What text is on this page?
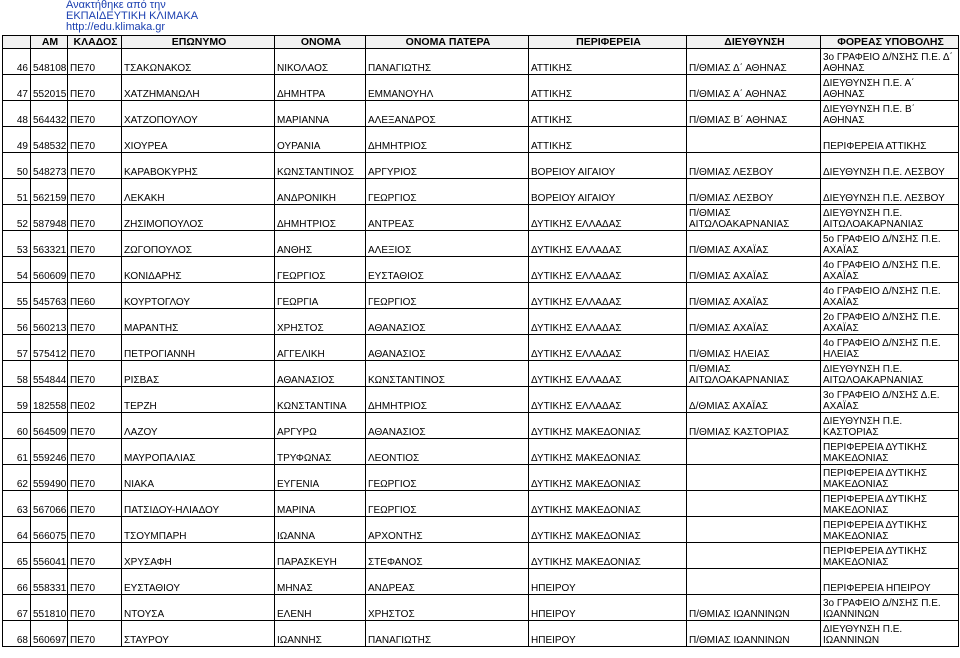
Ανακτήθηκε από την
ΕΚΠΑΙΔΕΥΤΙΚΗ ΚΛΙΜΑΚΑ
http://edu.klimaka.gr
	ΑΜ	ΚΛΑΔΟΣ	ΕΠΩΝΥΜΟ	ΟΝΟΜΑ	ΟΝΟΜΑ ΠΑΤΕΡΑ	ΠΕΡΙΦΕΡΕΙΑ	ΔΙΕΥΘΥΝΣΗ	ΦΟΡΕΑΣ ΥΠΟΒΟΛΗΣ
46	548108	ΠΕ70	ΤΣΑΚΩΝΑΚΟΣ	ΝΙΚΟΛΑΟΣ	ΠΑΝΑΓΙΩΤΗΣ	ΑΤΤΙΚΗΣ	Π/ΘΜΙΑΣ Δ΄ ΑΘΗΝΑΣ	3ο ΓΡΑΦΕΙΟ Δ/ΝΣΗΣ Π.Ε. Δ΄ ΑΘΗΝΑΣ
47	552015	ΠΕ70	ΧΑΤΖΗΜΑΝΩΛΗ	ΔΗΜΗΤΡΑ	ΕΜΜΑΝΟΥΗΛ	ΑΤΤΙΚΗΣ	Π/ΘΜΙΑΣ Α΄ ΑΘΗΝΑΣ	ΔΙΕΥΘΥΝΣΗ Π.Ε. Α΄ ΑΘΗΝΑΣ
48	564432	ΠΕ70	ΧΑΤΖΟΠΟΥΛΟΥ	ΜΑΡΙΑΝΝΑ	ΑΛΕΞΑΝΔΡΟΣ	ΑΤΤΙΚΗΣ	Π/ΘΜΙΑΣ Β΄ ΑΘΗΝΑΣ	ΔΙΕΥΘΥΝΣΗ Π.Ε. Β΄ ΑΘΗΝΑΣ
49	548532	ΠΕ70	ΧΙΟΥΡΕΑ	ΟΥΡΑΝΙΑ	ΔΗΜΗΤΡΙΟΣ	ΑΤΤΙΚΗΣ		ΠΕΡΙΦΕΡΕΙΑ ΑΤΤΙΚΗΣ
50	548273	ΠΕ70	ΚΑΡΑΒΟΚΥΡΗΣ	ΚΩΝΣΤΑΝΤΙΝΟΣ	ΑΡΓΥΡΙΟΣ	ΒΟΡΕΙΟΥ ΑΙΓΑΙΟΥ	Π/ΘΜΙΑΣ ΛΕΣΒΟΥ	ΔΙΕΥΘΥΝΣΗ Π.Ε. ΛΕΣΒΟΥ
51	562159	ΠΕ70	ΛΕΚΑΚΗ	ΑΝΔΡΟΝΙΚΗ	ΓΕΩΡΓΙΟΣ	ΒΟΡΕΙΟΥ ΑΙΓΑΙΟΥ	Π/ΘΜΙΑΣ ΛΕΣΒΟΥ	ΔΙΕΥΘΥΝΣΗ Π.Ε. ΛΕΣΒΟΥ
52	587948	ΠΕ70	ΖΗΣΙΜΟΠΟΥΛΟΣ	ΔΗΜΗΤΡΙΟΣ	ΑΝΤΡΕΑΣ	ΔΥΤΙΚΗΣ ΕΛΛΑΔΑΣ	Π/ΘΜΙΑΣ ΑΙΤΩΛΟΑΚΑΡΝΑΝΙΑΣ	ΔΙΕΥΘΥΝΣΗ Π.Ε. ΑΙΤΩΛΟΑΚΑΡΝΑΝΙΑΣ
53	563321	ΠΕ70	ΖΩΓΟΠΟΥΛΟΣ	ΑΝΘΗΣ	ΑΛΕΞΙΟΣ	ΔΥΤΙΚΗΣ ΕΛΛΑΔΑΣ	Π/ΘΜΙΑΣ ΑΧΑΪΑΣ	5ο ΓΡΑΦΕΙΟ Δ/ΝΣΗΣ Π.Ε. ΑΧΑΪΑΣ
54	560609	ΠΕ70	ΚΟΝΙΔΑΡΗΣ	ΓΕΩΡΓΙΟΣ	ΕΥΣΤΑΘΙΟΣ	ΔΥΤΙΚΗΣ ΕΛΛΑΔΑΣ	Π/ΘΜΙΑΣ ΑΧΑΪΑΣ	4ο ΓΡΑΦΕΙΟ Δ/ΝΣΗΣ Π.Ε. ΑΧΑΪΑΣ
55	545763	ΠΕ60	ΚΟΥΡΤΟΓΛΟΥ	ΓΕΩΡΓΙΑ	ΓΕΩΡΓΙΟΣ	ΔΥΤΙΚΗΣ ΕΛΛΑΔΑΣ	Π/ΘΜΙΑΣ ΑΧΑΪΑΣ	4ο ΓΡΑΦΕΙΟ Δ/ΝΣΗΣ Π.Ε. ΑΧΑΪΑΣ
56	560213	ΠΕ70	ΜΑΡΑΝΤΗΣ	ΧΡΗΣΤΟΣ	ΑΘΑΝΑΣΙΟΣ	ΔΥΤΙΚΗΣ ΕΛΛΑΔΑΣ	Π/ΘΜΙΑΣ ΑΧΑΪΑΣ	2ο ΓΡΑΦΕΙΟ Δ/ΝΣΗΣ Π.Ε. ΑΧΑΪΑΣ
57	575412	ΠΕ70	ΠΕΤΡΟΓΙΑΝΝΗ	ΑΓΓΕΛΙΚΗ	ΑΘΑΝΑΣΙΟΣ	ΔΥΤΙΚΗΣ ΕΛΛΑΔΑΣ	Π/ΘΜΙΑΣ ΗΛΕΙΑΣ	4ο ΓΡΑΦΕΙΟ Δ/ΝΣΗΣ Π.Ε. ΗΛΕΙΑΣ
58	554844	ΠΕ70	ΡΙΣΒΑΣ	ΑΘΑΝΑΣΙΟΣ	ΚΩΝΣΤΑΝΤΙΝΟΣ	ΔΥΤΙΚΗΣ ΕΛΛΑΔΑΣ	Π/ΘΜΙΑΣ ΑΙΤΩΛΟΑΚΑΡΝΑΝΙΑΣ	ΔΙΕΥΘΥΝΣΗ Π.Ε. ΑΙΤΩΛΟΑΚΑΡΝΑΝΙΑΣ
59	182558	ΠΕ02	ΤΕΡΖΗ	ΚΩΝΣΤΑΝΤΙΝΑ	ΔΗΜΗΤΡΙΟΣ	ΔΥΤΙΚΗΣ ΕΛΛΑΔΑΣ	Δ/ΘΜΙΑΣ ΑΧΑΪΑΣ	3ο ΓΡΑΦΕΙΟ Δ/ΝΣΗΣ Δ.Ε. ΑΧΑΪΑΣ
60	564509	ΠΕ70	ΛΑΖΟΥ	ΑΡΓΥΡΩ	ΑΘΑΝΑΣΙΟΣ	ΔΥΤΙΚΗΣ ΜΑΚΕΔΟΝΙΑΣ	Π/ΘΜΙΑΣ ΚΑΣΤΟΡΙΑΣ	ΔΙΕΥΘΥΝΣΗ Π.Ε. ΚΑΣΤΟΡΙΑΣ
61	559246	ΠΕ70	ΜΑΥΡΟΠΑΛΙΑΣ	ΤΡΥΦΩΝΑΣ	ΛΕΟΝΤΙΟΣ	ΔΥΤΙΚΗΣ ΜΑΚΕΔΟΝΙΑΣ		ΠΕΡΙΦΕΡΕΙΑ ΔΥΤΙΚΗΣ ΜΑΚΕΔΟΝΙΑΣ
62	559490	ΠΕ70	ΝΙΑΚΑ	ΕΥΓΕΝΙΑ	ΓΕΩΡΓΙΟΣ	ΔΥΤΙΚΗΣ ΜΑΚΕΔΟΝΙΑΣ		ΠΕΡΙΦΕΡΕΙΑ ΔΥΤΙΚΗΣ ΜΑΚΕΔΟΝΙΑΣ
63	567066	ΠΕ70	ΠΑΤΣΙΔΟΥ-ΗΛΙΑΔΟΥ	ΜΑΡΙΝΑ	ΓΕΩΡΓΙΟΣ	ΔΥΤΙΚΗΣ ΜΑΚΕΔΟΝΙΑΣ		ΠΕΡΙΦΕΡΕΙΑ ΔΥΤΙΚΗΣ ΜΑΚΕΔΟΝΙΑΣ
64	566075	ΠΕ70	ΤΣΟΥΜΠΑΡΗ	ΙΩΑΝΝΑ	ΑΡΧΟΝΤΗΣ	ΔΥΤΙΚΗΣ ΜΑΚΕΔΟΝΙΑΣ		ΠΕΡΙΦΕΡΕΙΑ ΔΥΤΙΚΗΣ ΜΑΚΕΔΟΝΙΑΣ
65	556041	ΠΕ70	ΧΡΥΣΑΦΗ	ΠΑΡΑΣΚΕΥΗ	ΣΤΕΦΑΝΟΣ	ΔΥΤΙΚΗΣ ΜΑΚΕΔΟΝΙΑΣ		ΠΕΡΙΦΕΡΕΙΑ ΔΥΤΙΚΗΣ ΜΑΚΕΔΟΝΙΑΣ
66	558331	ΠΕ70	ΕΥΣΤΑΘΙΟΥ	ΜΗΝΑΣ	ΑΝΔΡΕΑΣ	ΗΠΕΙΡΟΥ		ΠΕΡΙΦΕΡΕΙΑ ΗΠΕΙΡΟΥ
67	551810	ΠΕ70	ΝΤΟΥΣΑ	ΕΛΕΝΗ	ΧΡΗΣΤΟΣ	ΗΠΕΙΡΟΥ	Π/ΘΜΙΑΣ ΙΩΑΝΝΙΝΩΝ	3ο ΓΡΑΦΕΙΟ Δ/ΝΣΗΣ Π.Ε. ΙΩΑΝΝΙΝΩΝ
68	560697	ΠΕ70	ΣΤΑΥΡΟΥ	ΙΩΑΝΝΗΣ	ΠΑΝΑΓΙΩΤΗΣ	ΗΠΕΙΡΟΥ	Π/ΘΜΙΑΣ ΙΩΑΝΝΙΝΩΝ	ΔΙΕΥΘΥΝΣΗ Π.Ε. ΙΩΑΝΝΙΝΩΝ
